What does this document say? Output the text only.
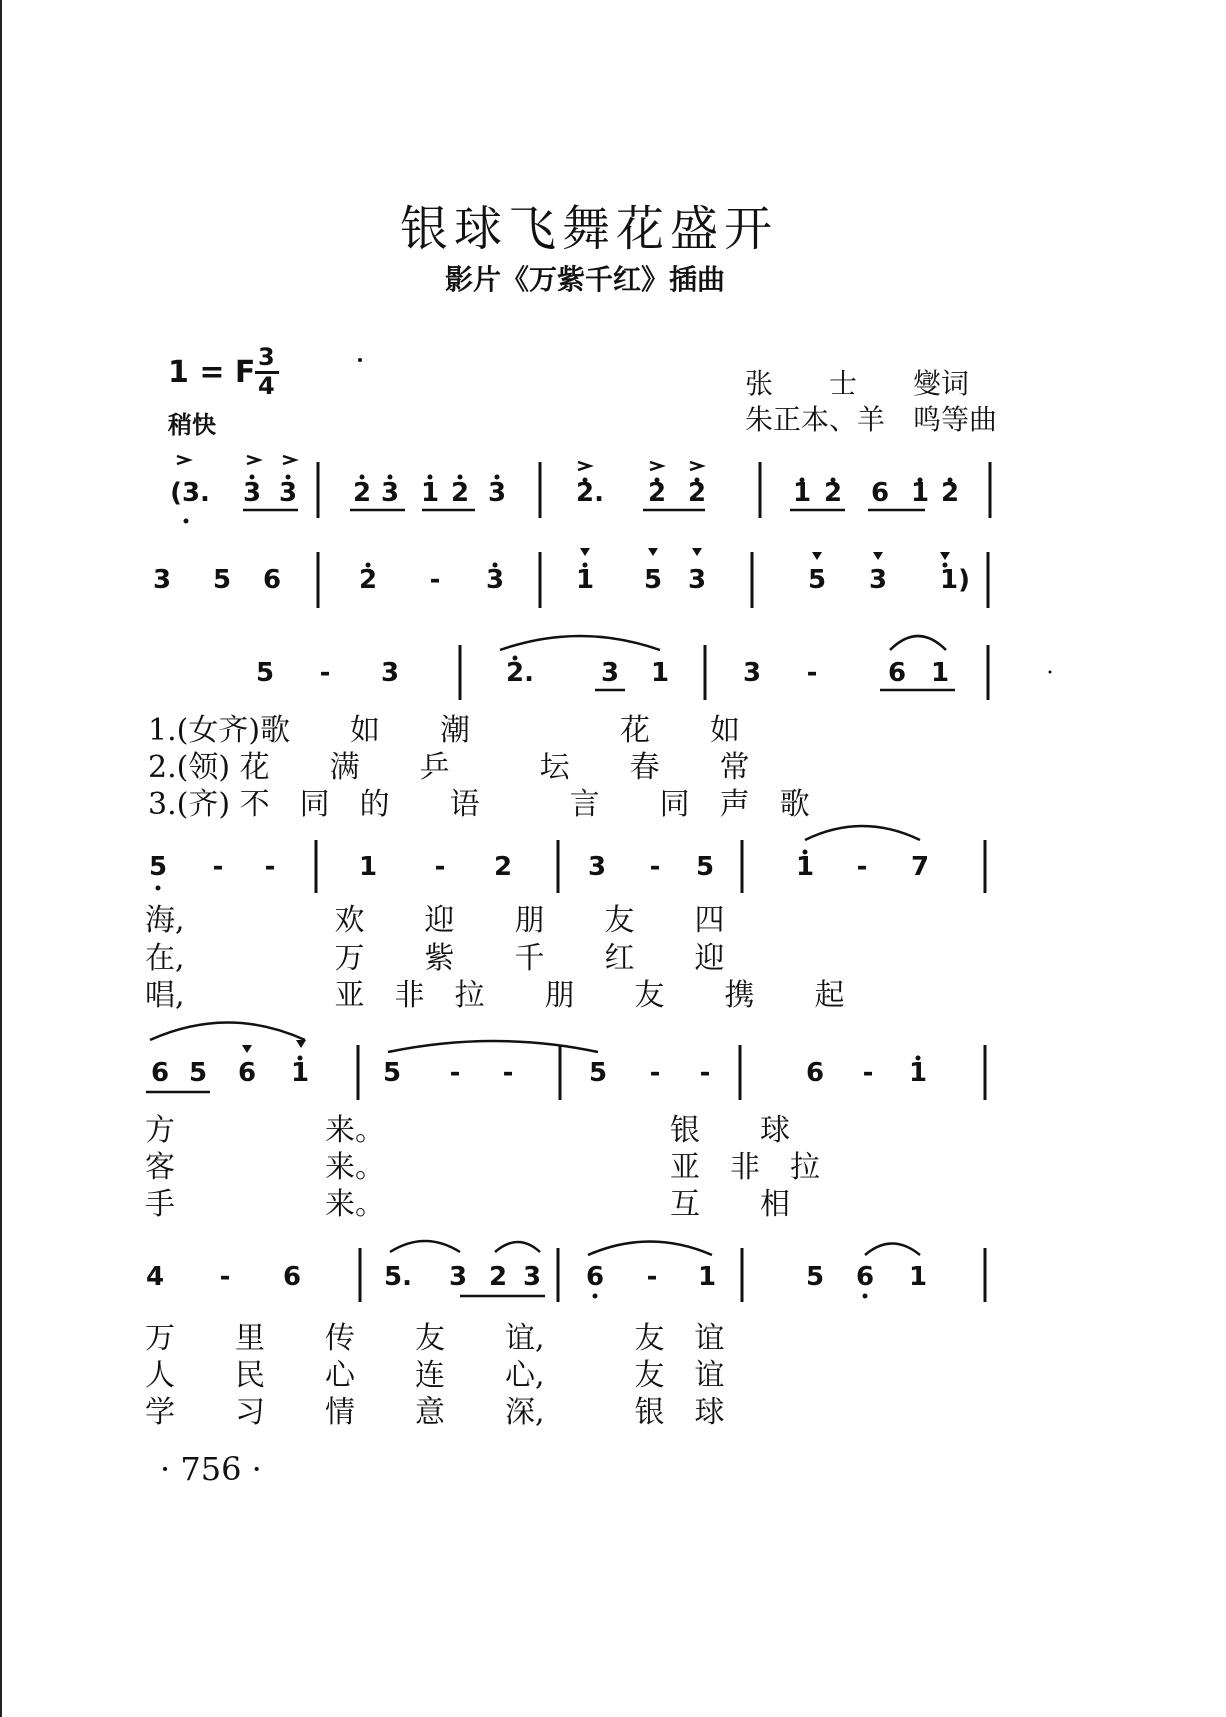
银球飞舞花盛开
影片《万紫千红》插曲
1 = F 3
4
稍快
张　　士　　燮词
朱正本、羊　鸣等曲
(3. 3 3 2 3 1 2 3	2. 2 2	1 2 6 1 2
3 5 6	2 - 3	1 5 3	5 3 1)
5 - 3	2.	3 1	3 -	6 1
1.(女齐)歌　　如　　潮　　　　　花　　如
2.(领) 花　　满　　乒　　　坛　　春　　常
3.(齐) 不　同　的　　语　　　言　　同　声　歌
5 - -	1 - 2	3 - 5	1 - 7
海,　　　　　欢　　迎　　朋　　友　　四
在,　　　　　万　　紫　　千　　红　　迎
唱,　　　　　亚　非　拉　　朋　　友　　携　　起
6 5 6 1	5 - -	5 - -	6 - 1
方　　　　　来。　　　　　　　　　　银　　球
客　　　　　来。　　　　　　　　　　亚　非　拉
手　　　　　来。　　　　　　　　　　互　　相
4 - 6	5. 3 2 3 6 - 1	5 6 1
万　　里　　传　　友　　谊,　　　友　谊
人　　民　　心　　连　　心,　　　友　谊
学　　习　　情　　意　　深,　　　银　球
· 756 ·
